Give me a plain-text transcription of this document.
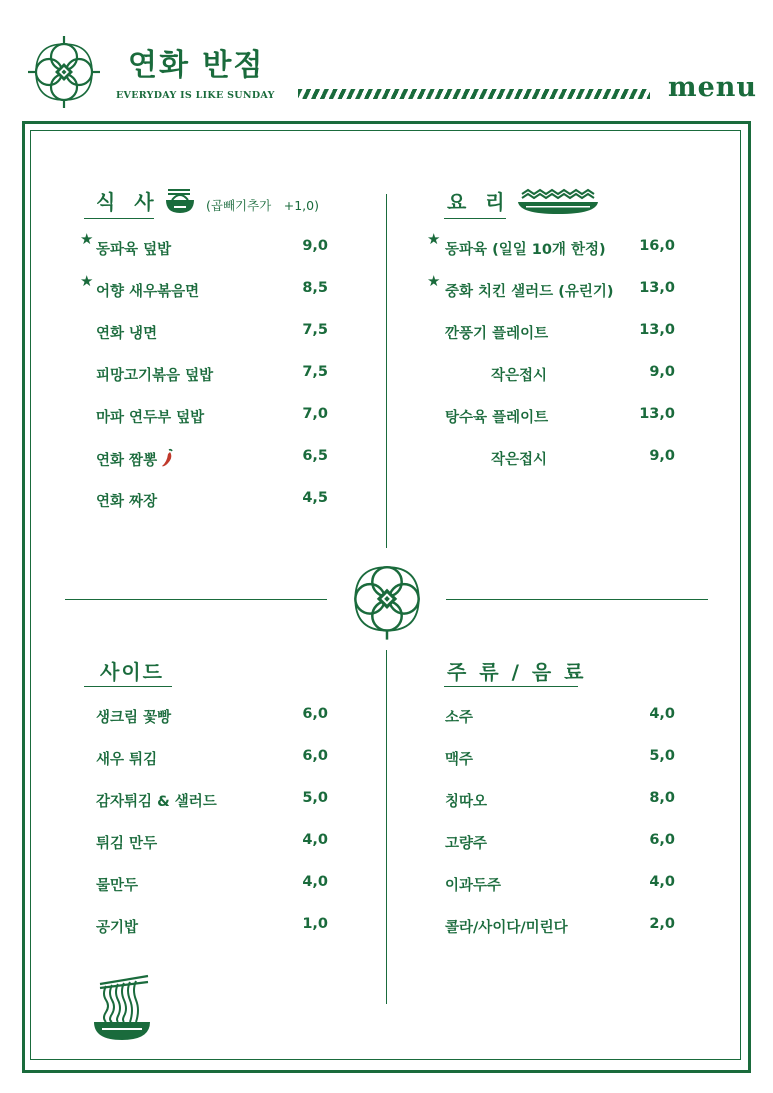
연화 반점
EVERYDAY IS LIKE SUNDAY	menu
식 사	(곱빼기추가　+1,0)
★
동파육 덮밥	9,0
★
어향 새우볶음면	8,5
연화 냉면	7,5
피망고기볶음 덮밥	7,5
마파 연두부 덮밥	7,0
연화 짬뽕	6,5
연화 짜장	4,5
요 리
★
동파육 (일일 10개 한정) 16,0
★
중화 치킨 샐러드 (유린기) 13,0
깐풍기 플레이트	13,0
작은접시	9,0
탕수육 플레이트	13,0
작은접시	9,0
사이드
생크림 꽃빵	6,0
새우 튀김	6,0
감자튀김 & 샐러드	5,0
튀김 만두	4,0
물만두	4,0
공기밥	1,0
주 류 / 음 료
소주	4,0
맥주	5,0
칭따오	8,0
고량주	6,0
이과두주	4,0
콜라/사이다/미린다	2,0
